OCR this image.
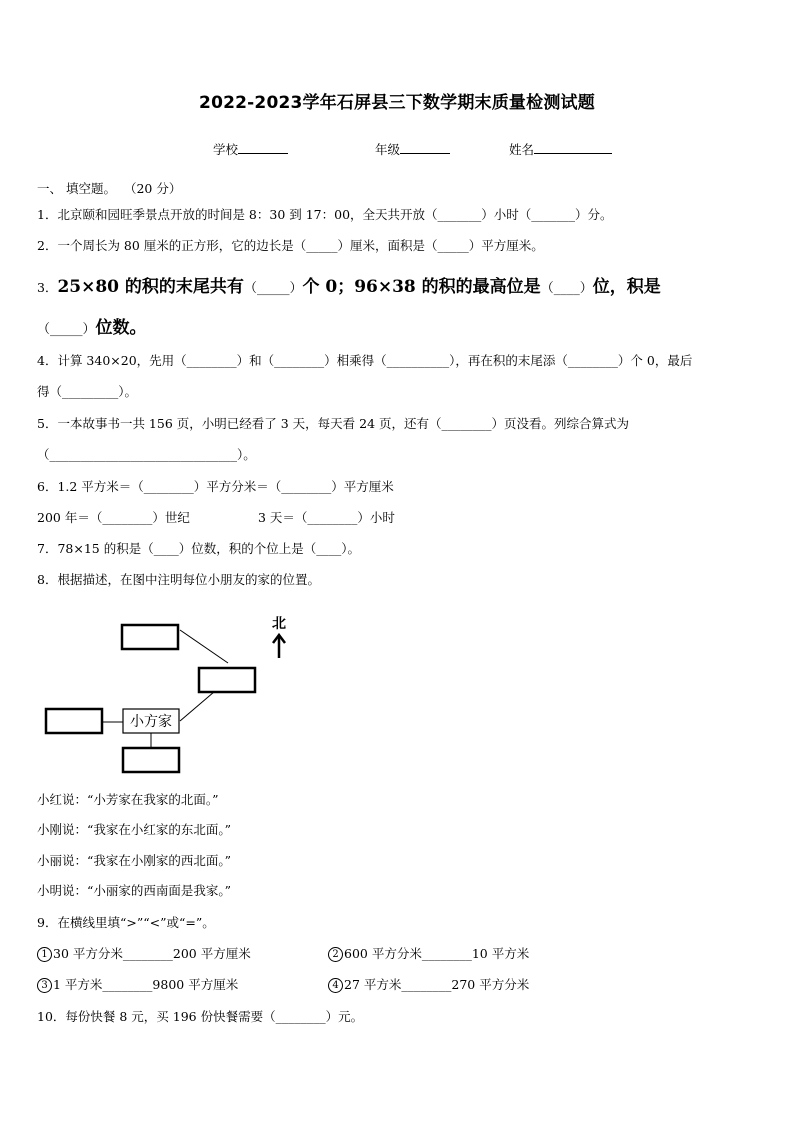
2022-2023学年石屏县三下数学期末质量检测试题
学校	年级	姓名
一、 填空题。 （20 分）
1．北京颐和园旺季景点开放的时间是 8：30 到 17：00，全天共开放（_______）小时（_______）分。
2．一个周长为 80 厘米的正方形，它的边长是（_____）厘米，面积是（_____）平方厘米。
3．25×80 的积的末尾共有（_____）个 0；96×38 的积的最高位是（____）位，积是
（_____）位数。
4．计算 340×20，先用（________）和（________）相乘得（__________），再在积的末尾添（________）个 0，最后
得（_________）。
5．一本故事书一共 156 页，小明已经看了 3 天，每天看 24 页，还有（________）页没看。列综合算式为
（______________________________）。
6．1.2 平方米＝（________）平方分米＝（________）平方厘米
200 年＝（________）世纪	3 天＝（________）小时
7．78×15 的积是（____）位数，积的个位上是（____）。
8．根据描述，在图中注明每位小朋友的家的位置。
小方家
北
小红说：“小芳家在我家的北面。”
小刚说：“我家在小红家的东北面。”
小丽说：“我家在小刚家的西北面。”
小明说：“小丽家的西南面是我家。”
9．在横线里填“>”“<”或“=”。
1 30 平方分米________200 平方厘米	2 600 平方分米________10 平方米
3 1 平方米________9800 平方厘米	4 27 平方米________270 平方分米
10．每份快餐 8 元，买 196 份快餐需要（________）元。
